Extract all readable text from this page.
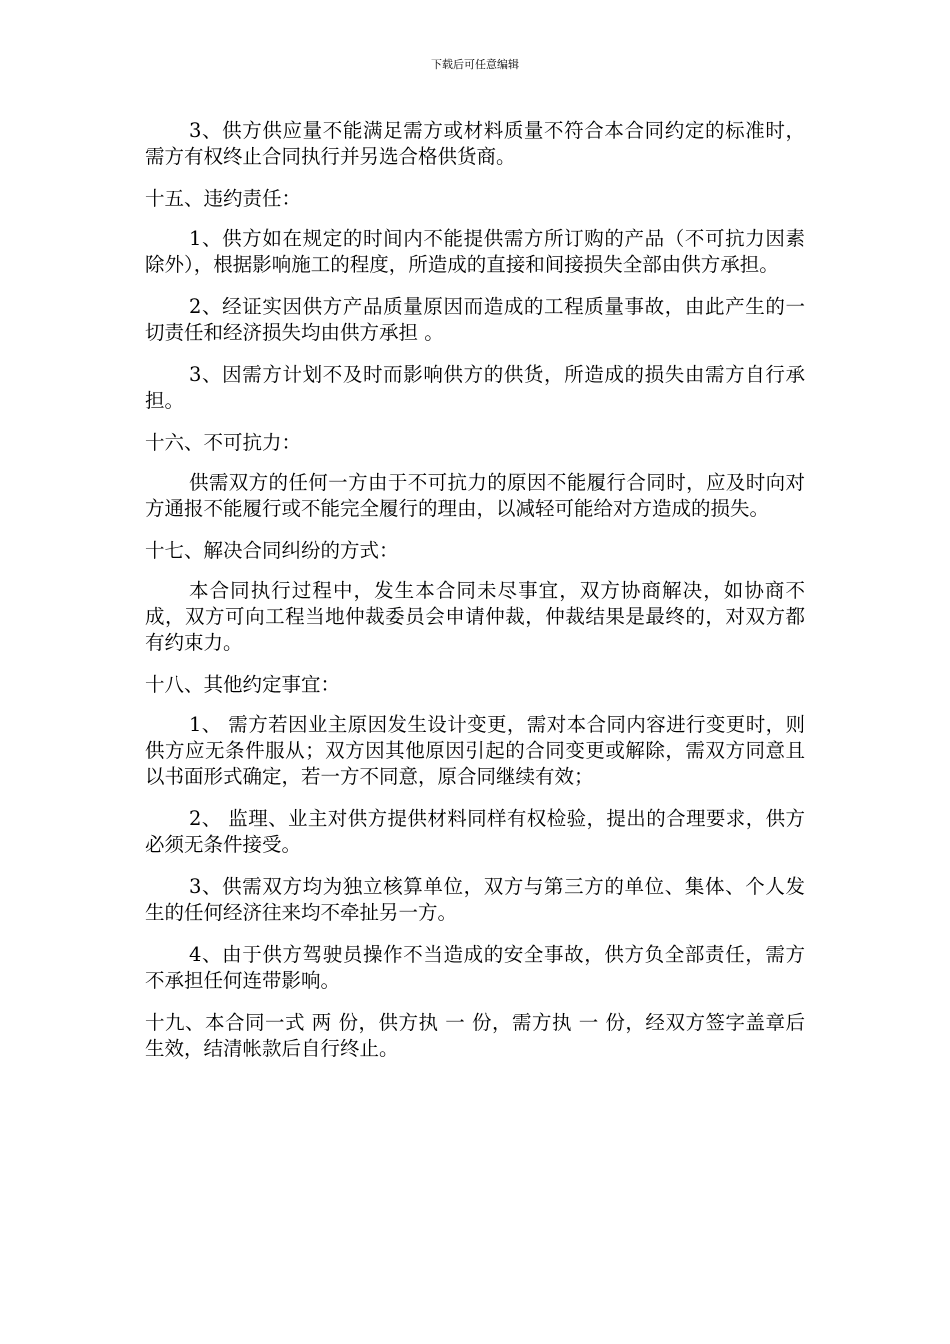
下载后可任意编辑

3、供方供应量不能满足需方或材料质量不符合本合同约定的标准时，需方有权终止合同执行并另选合格供货商。

十五、违约责任：

1、供方如在规定的时间内不能提供需方所订购的产品（不可抗力因素除外），根据影响施工的程度，所造成的直接和间接损失全部由供方承担。

2、经证实因供方产品质量原因而造成的工程质量事故，由此产生的一切责任和经济损失均由供方承担 。

3、因需方计划不及时而影响供方的供货，所造成的损失由需方自行承担。

十六、不可抗力：

供需双方的任何一方由于不可抗力的原因不能履行合同时，应及时向对方通报不能履行或不能完全履行的理由，以减轻可能给对方造成的损失。

十七、解决合同纠纷的方式：

本合同执行过程中，发生本合同未尽事宜，双方协商解决，如协商不成，双方可向工程当地仲裁委员会申请仲裁，仲裁结果是最终的，对双方都有约束力。

十八、其他约定事宜：

1、 需方若因业主原因发生设计变更，需对本合同内容进行变更时，则供方应无条件服从；双方因其他原因引起的合同变更或解除，需双方同意且以书面形式确定，若一方不同意，原合同继续有效；

2、 监理、业主对供方提供材料同样有权检验，提出的合理要求，供方必须无条件接受。

3、供需双方均为独立核算单位，双方与第三方的单位、集体、个人发生的任何经济往来均不牵扯另一方。

4、由于供方驾驶员操作不当造成的安全事故，供方负全部责任，需方不承担任何连带影响。

十九、本合同一式 两 份，供方执 一 份，需方执 一 份，经双方签字盖章后生效，结清帐款后自行终止。
